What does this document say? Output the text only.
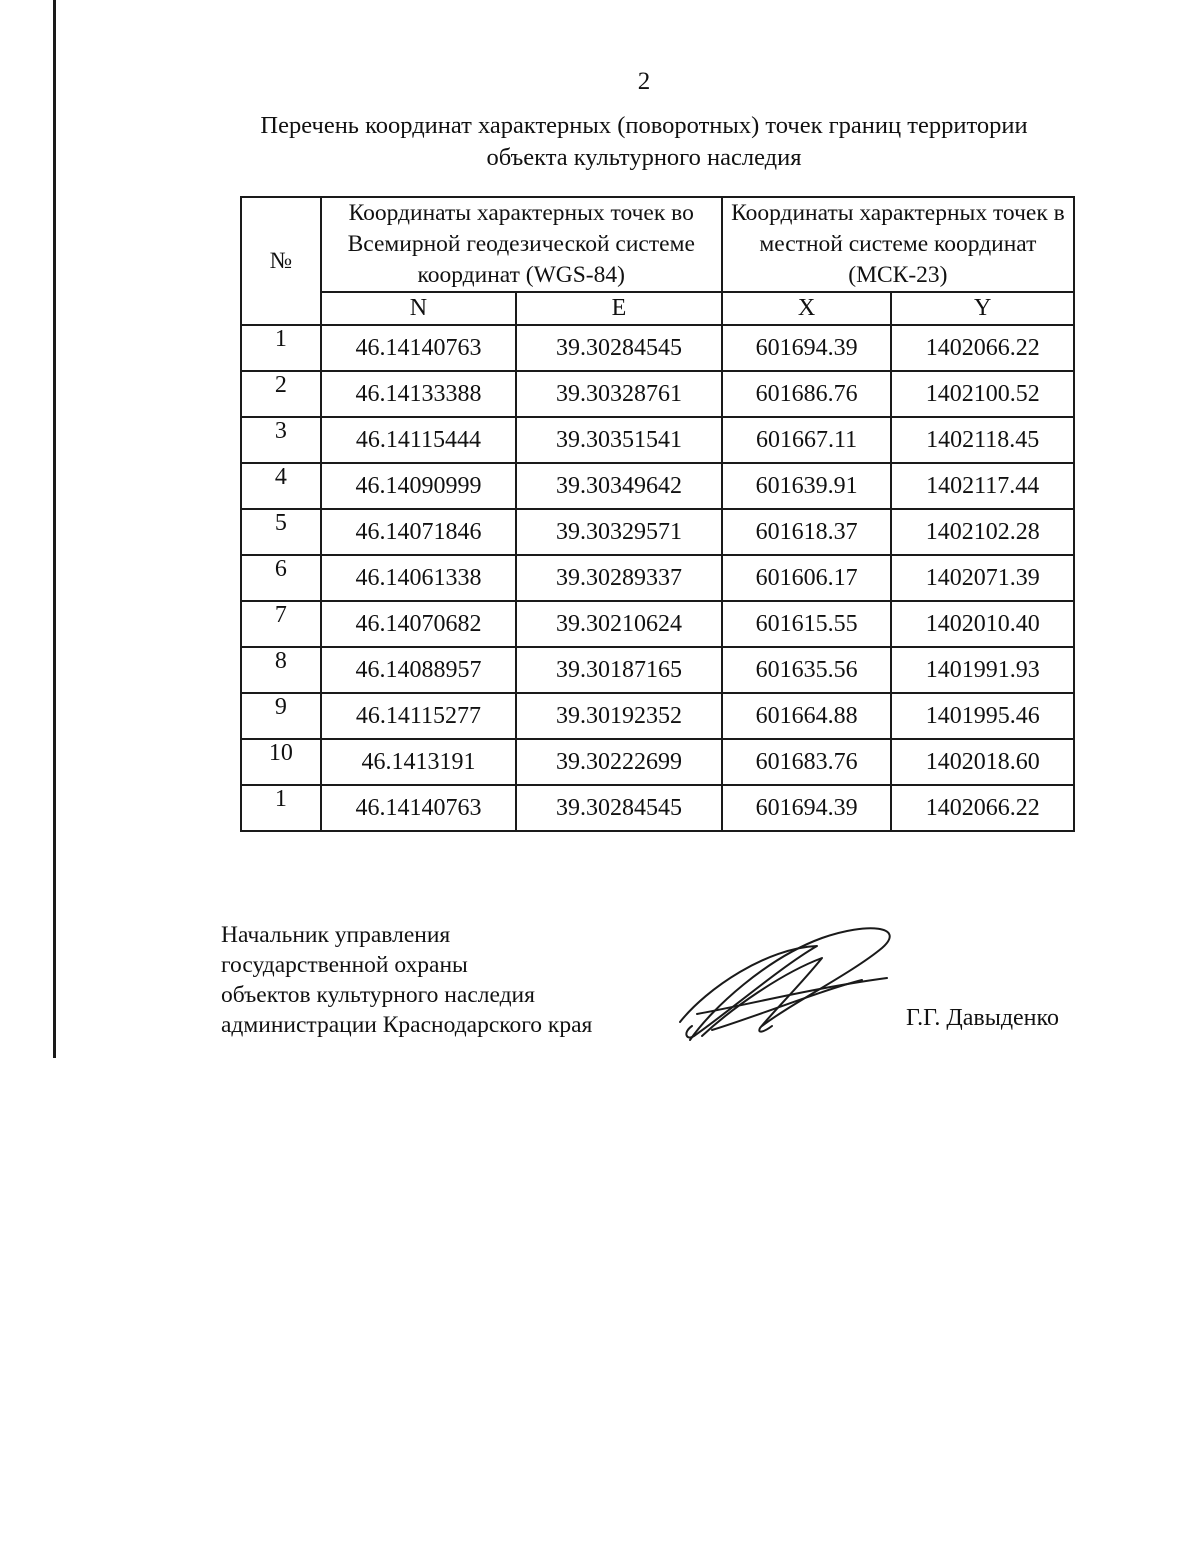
2
Перечень координат характерных (поворотных) точек границ территории
объекта культурного наследия
№	Координаты характерных точек во Всемирной геодезической системе координат (WGS-84)		Координаты характерных точек в местной системе координат (МСК-23)	
	N	E	X	Y
1	46.14140763	39.30284545	601694.39	1402066.22
2	46.14133388	39.30328761	601686.76	1402100.52
3	46.14115444	39.30351541	601667.11	1402118.45
4	46.14090999	39.30349642	601639.91	1402117.44
5	46.14071846	39.30329571	601618.37	1402102.28
6	46.14061338	39.30289337	601606.17	1402071.39
7	46.14070682	39.30210624	601615.55	1402010.40
8	46.14088957	39.30187165	601635.56	1401991.93
9	46.14115277	39.30192352	601664.88	1401995.46
10	46.1413191	39.30222699	601683.76	1402018.60
1	46.14140763	39.30284545	601694.39	1402066.22
Начальник управления
государственной охраны
объектов культурного наследия
администрации Краснодарского края	Г.Г. Давыденко
